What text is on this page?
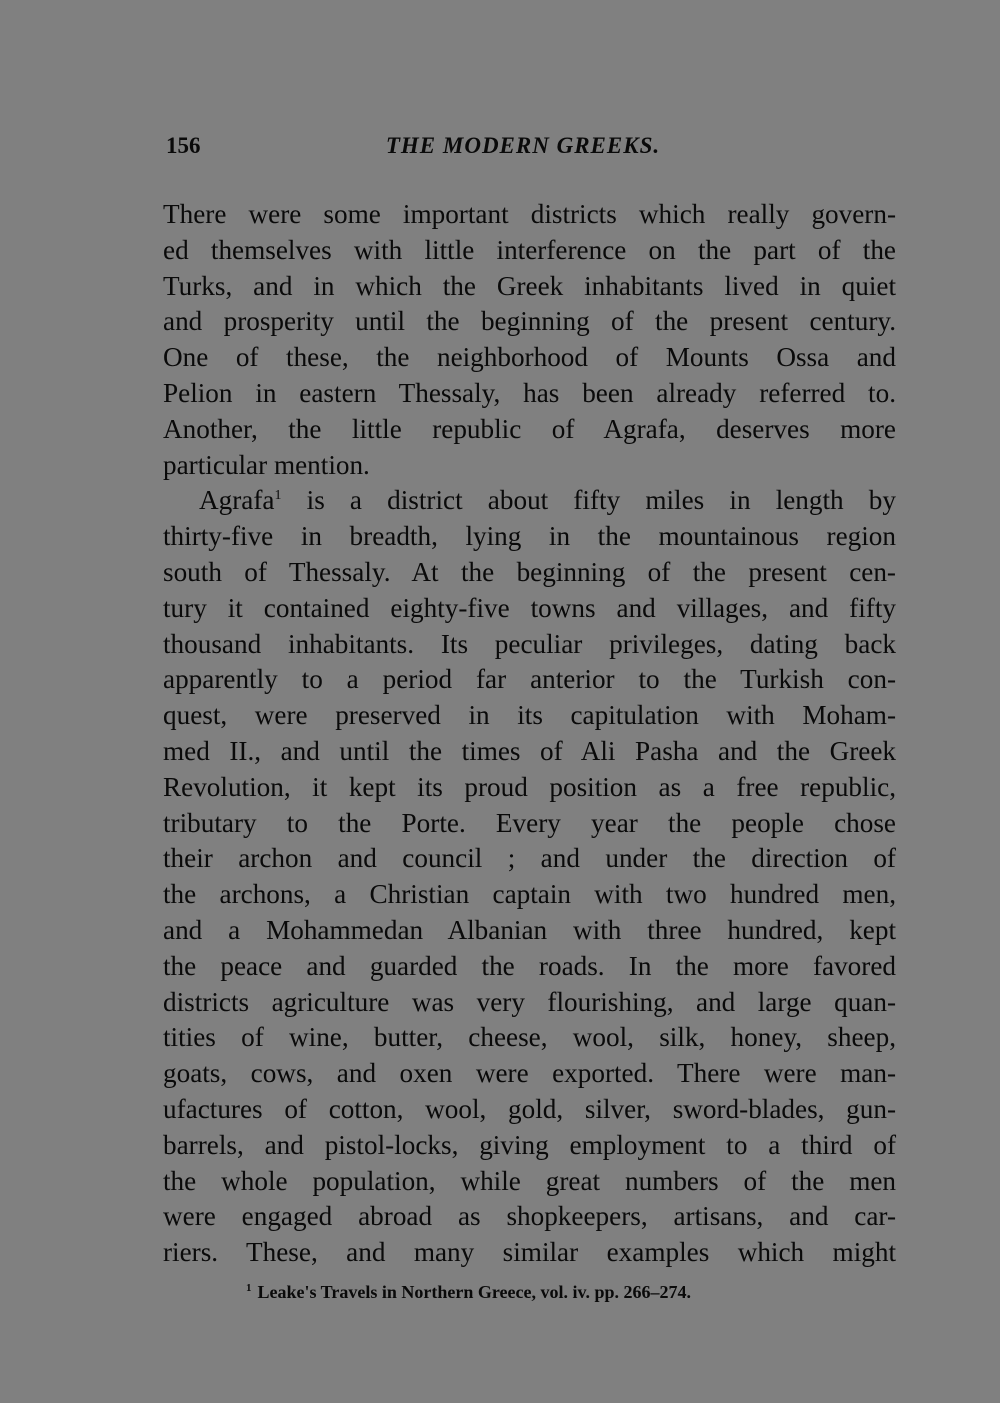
156	THE MODERN GREEKS.
There were some important districts which really govern-
ed themselves with little interference on the part of the
Turks, and in which the Greek inhabitants lived in quiet
and prosperity until the beginning of the present century.
One of these, the neighborhood of Mounts Ossa and
Pelion in eastern Thessaly, has been already referred to.
Another, the little republic of Agrafa, deserves more
particular mention.
Agrafa$^1$ is a district about fifty miles in length by
thirty-five in breadth, lying in the mountainous region
south of Thessaly. At the beginning of the present cen-
tury it contained eighty-five towns and villages, and fifty
thousand inhabitants. Its peculiar privileges, dating back
apparently to a period far anterior to the Turkish con-
quest, were preserved in its capitulation with Moham-
med II., and until the times of Ali Pasha and the Greek
Revolution, it kept its proud position as a free republic,
tributary to the Porte. Every year the people chose
their archon and council ; and under the direction of
the archons, a Christian captain with two hundred men,
and a Mohammedan Albanian with three hundred, kept
the peace and guarded the roads. In the more favored
districts agriculture was very flourishing, and large quan-
tities of wine, butter, cheese, wool, silk, honey, sheep,
goats, cows, and oxen were exported. There were man-
ufactures of cotton, wool, gold, silver, sword-blades, gun-
barrels, and pistol-locks, giving employment to a third of
the whole population, while great numbers of the men
were engaged abroad as shopkeepers, artisans, and car-
riers. These, and many similar examples which might
$^1$ Leake's Travels in Northern Greece, vol. iv. pp. 266–274.
